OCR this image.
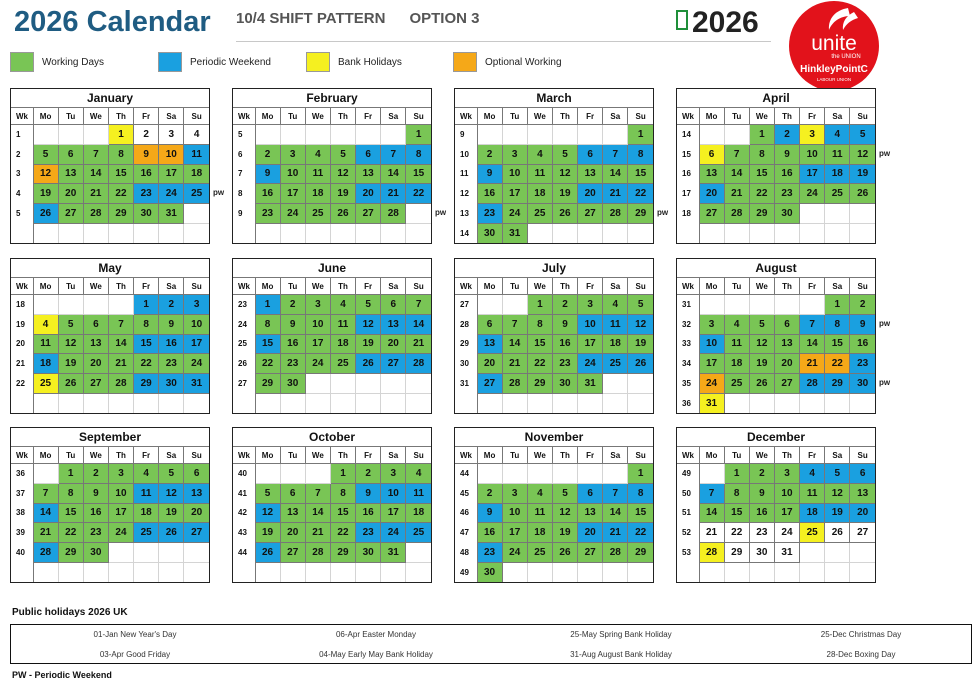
2026 Calendar 10/4 SHIFT PATTERN OPTION 3	2026
unite
the UNION
HinkleyPointC
LABOUR UNION
Working Days	Periodic Weekend	Bank Holidays	Optional Working
January
Wk	Mo	Tu	We	Th	Fr	Sa	Su
1				1	2	3	4
2	5	6	7	8	9	10	11
3	12	13	14	15	16	17	18
4	19	20	21	22	23	24	25
5	26	27	28	29	30	31	

pw
February
Wk	Mo	Tu	We	Th	Fr	Sa	Su
5							1
6	2	3	4	5	6	7	8
7	9	10	11	12	13	14	15
8	16	17	18	19	20	21	22
9	23	24	25	26	27	28	
								pw
March
Wk	Mo	Tu	We	Th	Fr	Sa	Su
9							1
10	2	3	4	5	6	7	8
11	9	10	11	12	13	14	15
12	16	17	18	19	20	21	22
13	23	24	25	26	27	28	29
14	30	31					
pw
April
Wk	Mo	Tu	We	Th	Fr	Sa	Su
14			1	2	3	4	5
15	6	7	8	9	10	11	12
16	13	14	15	16	17	18	19
17	20	21	22	23	24	25	26
18	27	28	29	30			

pw
May
Wk	Mo	Tu	We	Th	Fr	Sa	Su
18					1	2	3
19	4	5	6	7	8	9	10
20	11	12	13	14	15	16	17
21	18	19	20	21	22	23	24
22	25	26	27	28	29	30	31

June
Wk	Mo	Tu	We	Th	Fr	Sa	Su
23	1	2	3	4	5	6	7
24	8	9	10	11	12	13	14
25	15	16	17	18	19	20	21
26	22	23	24	25	26	27	28
27	29	30					

July
Wk	Mo	Tu	We	Th	Fr	Sa	Su
27			1	2	3	4	5
28	6	7	8	9	10	11	12
29	13	14	15	16	17	18	19
30	20	21	22	23	24	25	26
31	27	28	29	30	31		

August
Wk	Mo	Tu	We	Th	Fr	Sa	Su
31						1	2
32	3	4	5	6	7	8	9
33	10	11	12	13	14	15	16
34	17	18	19	20	21	22	23
35	24	25	26	27	28	29	30
36	31						
pw
pw
September
Wk	Mo	Tu	We	Th	Fr	Sa	Su
36		1	2	3	4	5	6
37	7	8	9	10	11	12	13
38	14	15	16	17	18	19	20
39	21	22	23	24	25	26	27
40	28	29	30				

October
Wk	Mo	Tu	We	Th	Fr	Sa	Su
40				1	2	3	4
41	5	6	7	8	9	10	11
42	12	13	14	15	16	17	18
43	19	20	21	22	23	24	25
44	26	27	28	29	30	31	

November
Wk	Mo	Tu	We	Th	Fr	Sa	Su
44							1
45	2	3	4	5	6	7	8
46	9	10	11	12	13	14	15
47	16	17	18	19	20	21	22
48	23	24	25	26	27	28	29
49	30						
December
Wk	Mo	Tu	We	Th	Fr	Sa	Su
49		1	2	3	4	5	6
50	7	8	9	10	11	12	13
51	14	15	16	17	18	19	20
52	21	22	23	24	25	26	27
53	28	29	30	31			

Public holidays 2026 UK
01-Jan New Year's Day	06-Apr Easter Monday	25-May Spring Bank Holiday	25-Dec Christmas Day
03-Apr Good Friday	04-May Early May Bank Holiday	31-Aug August Bank Holiday	28-Dec Boxing Day
PW - Periodic Weekend
